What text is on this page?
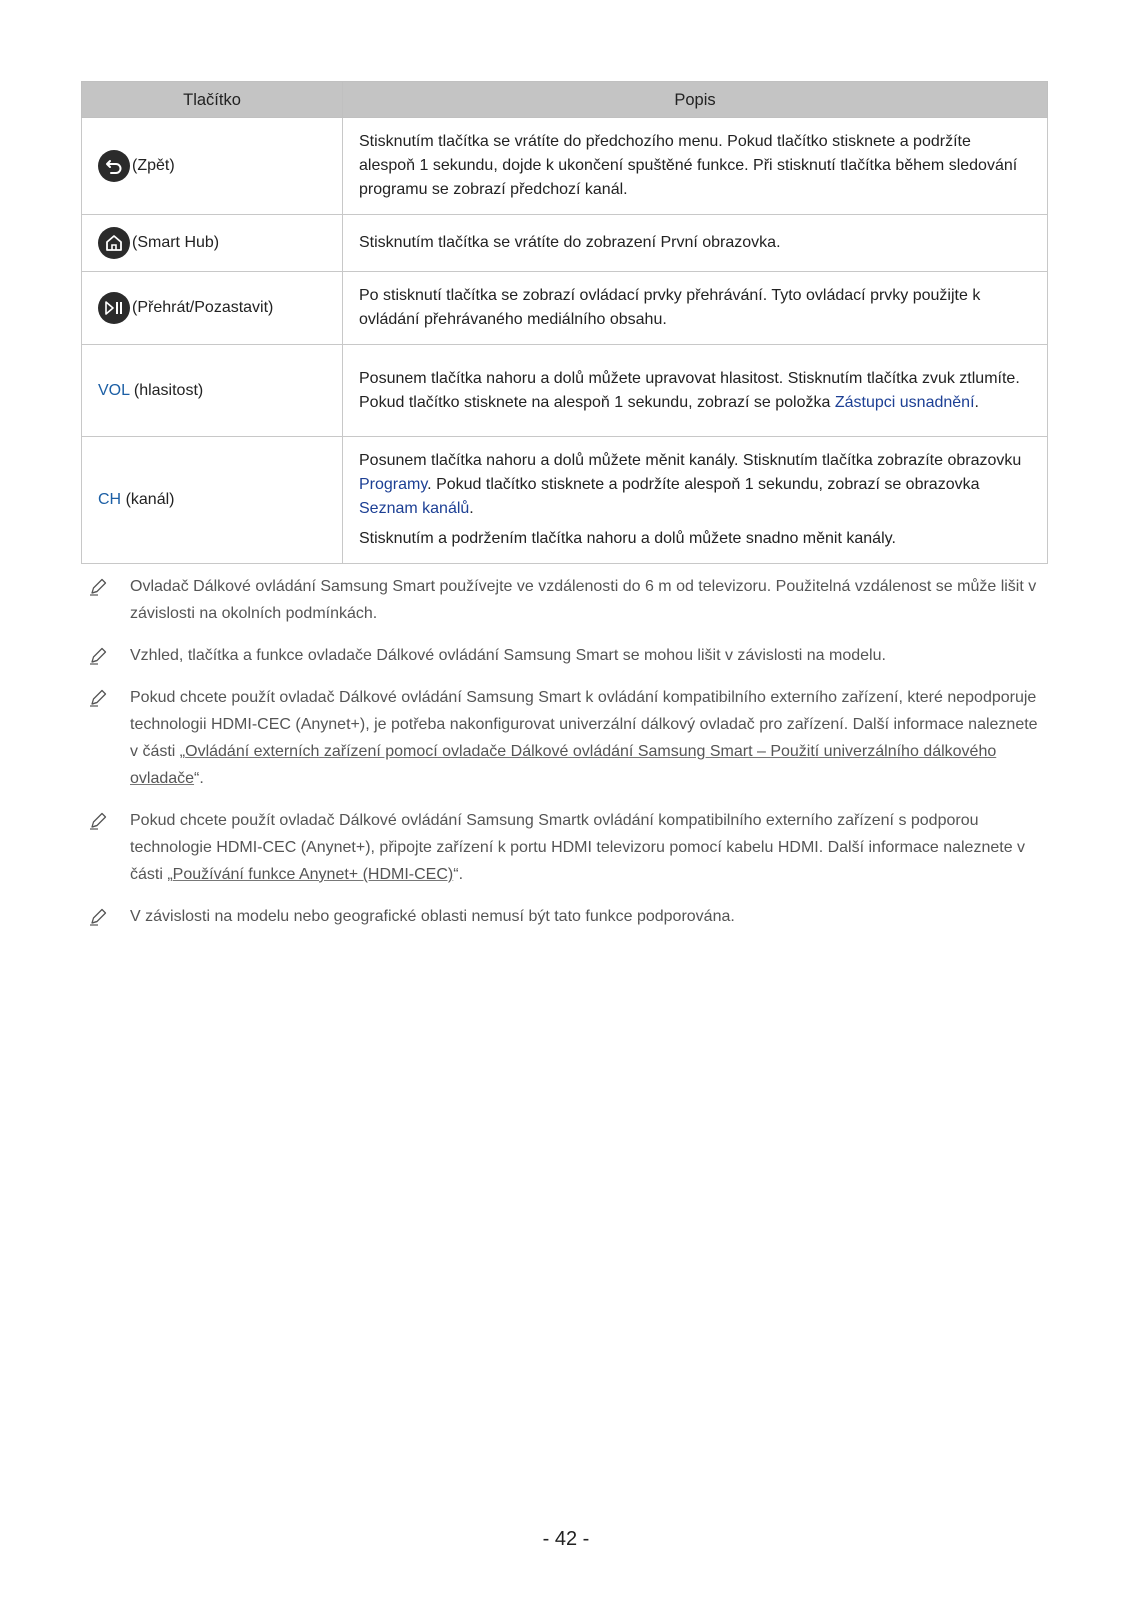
Tlačítko	Popis

(Zpět)	Stisknutím tlačítka se vrátíte do předchozího menu. Pokud tlačítko stisknete a podržíte alespoň 1 sekundu, dojde k ukončení spuštěné funkce. Při stisknutí tlačítka během sledování programu se zobrazí předchozí kanál.

(Smart Hub)	Stisknutím tlačítka se vrátíte do zobrazení První obrazovka.

(Přehrát/Pozastavit)	Po stisknutí tlačítka se zobrazí ovládací prvky přehrávání. Tyto ovládací prvky použijte k ovládání přehrávaného mediálního obsahu.
VOL (hlasitost)	Posunem tlačítka nahoru a dolů můžete upravovat hlasitost. Stisknutím tlačítka zvuk ztlumíte. Pokud tlačítko stisknete na alespoň 1 sekundu, zobrazí se položka Zástupci usnadnění.
CH (kanál)	Posunem tlačítka nahoru a dolů můžete měnit kanály. Stisknutím tlačítka zobrazíte obrazovku Programy. Pokud tlačítko stisknete a podržíte alespoň 1 sekundu, zobrazí se obrazovka Seznam kanálů.

Stisknutím a podržením tlačítka nahoru a dolů můžete snadno měnit kanály.

Ovladač Dálkové ovládání Samsung Smart používejte ve vzdálenosti do 6 m od televizoru. Použitelná vzdálenost se může lišit v závislosti na okolních podmínkách.
Vzhled, tlačítka a funkce ovladače Dálkové ovládání Samsung Smart se mohou lišit v závislosti na modelu.
Pokud chcete použít ovladač Dálkové ovládání Samsung Smart k ovládání kompatibilního externího zařízení, které nepodporuje technologii HDMI-CEC (Anynet+), je potřeba nakonfigurovat univerzální dálkový ovladač pro zařízení. Další informace naleznete v části „Ovládání externích zařízení pomocí ovladače Dálkové ovládání Samsung Smart – Použití univerzálního dálkového ovladače“.
Pokud chcete použít ovladač Dálkové ovládání Samsung Smartk ovládání kompatibilního externího zařízení s podporou technologie HDMI-CEC (Anynet+), připojte zařízení k portu HDMI televizoru pomocí kabelu HDMI. Další informace naleznete v části „Používání funkce Anynet+ (HDMI-CEC)“.
V závislosti na modelu nebo geografické oblasti nemusí být tato funkce podporována.
- 42 -
